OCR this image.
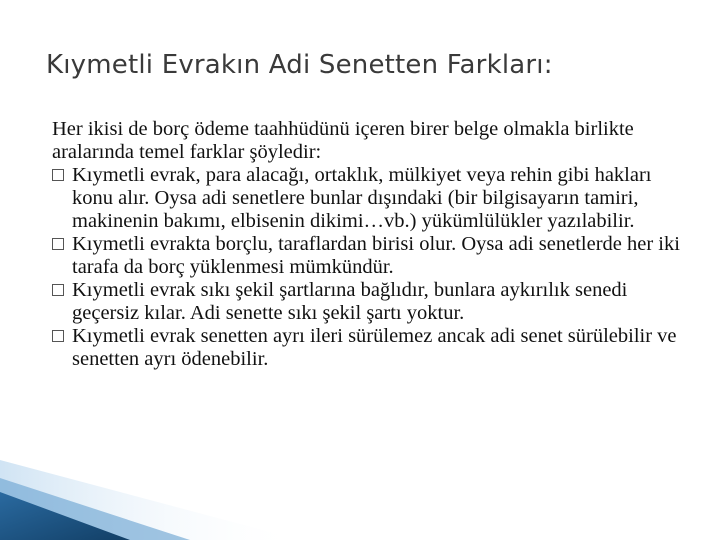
Kıymetli Evrakın Adi Senetten Farkları:

Her ikisi de borç ödeme taahhüdünü içeren birer belge olmakla birlikte aralarında temel farklar şöyledir:

Kıymetli evrak, para alacağı, ortaklık, mülkiyet veya rehin gibi hakları konu alır. Oysa adi senetlere bunlar dışındaki (bir bilgisayarın tamiri, makinenin bakımı, elbisenin dikimi…vb.) yükümlülükler yazılabilir.
Kıymetli evrakta borçlu, taraflardan birisi olur. Oysa adi senetlerde her iki tarafa da borç yüklenmesi mümkündür.
Kıymetli evrak sıkı şekil şartlarına bağlıdır, bunlara aykırılık senedi geçersiz kılar. Adi senette sıkı şekil şartı yoktur.
Kıymetli evrak senetten ayrı ileri sürülemez ancak adi senet sürülebilir ve senetten ayrı ödenebilir.
